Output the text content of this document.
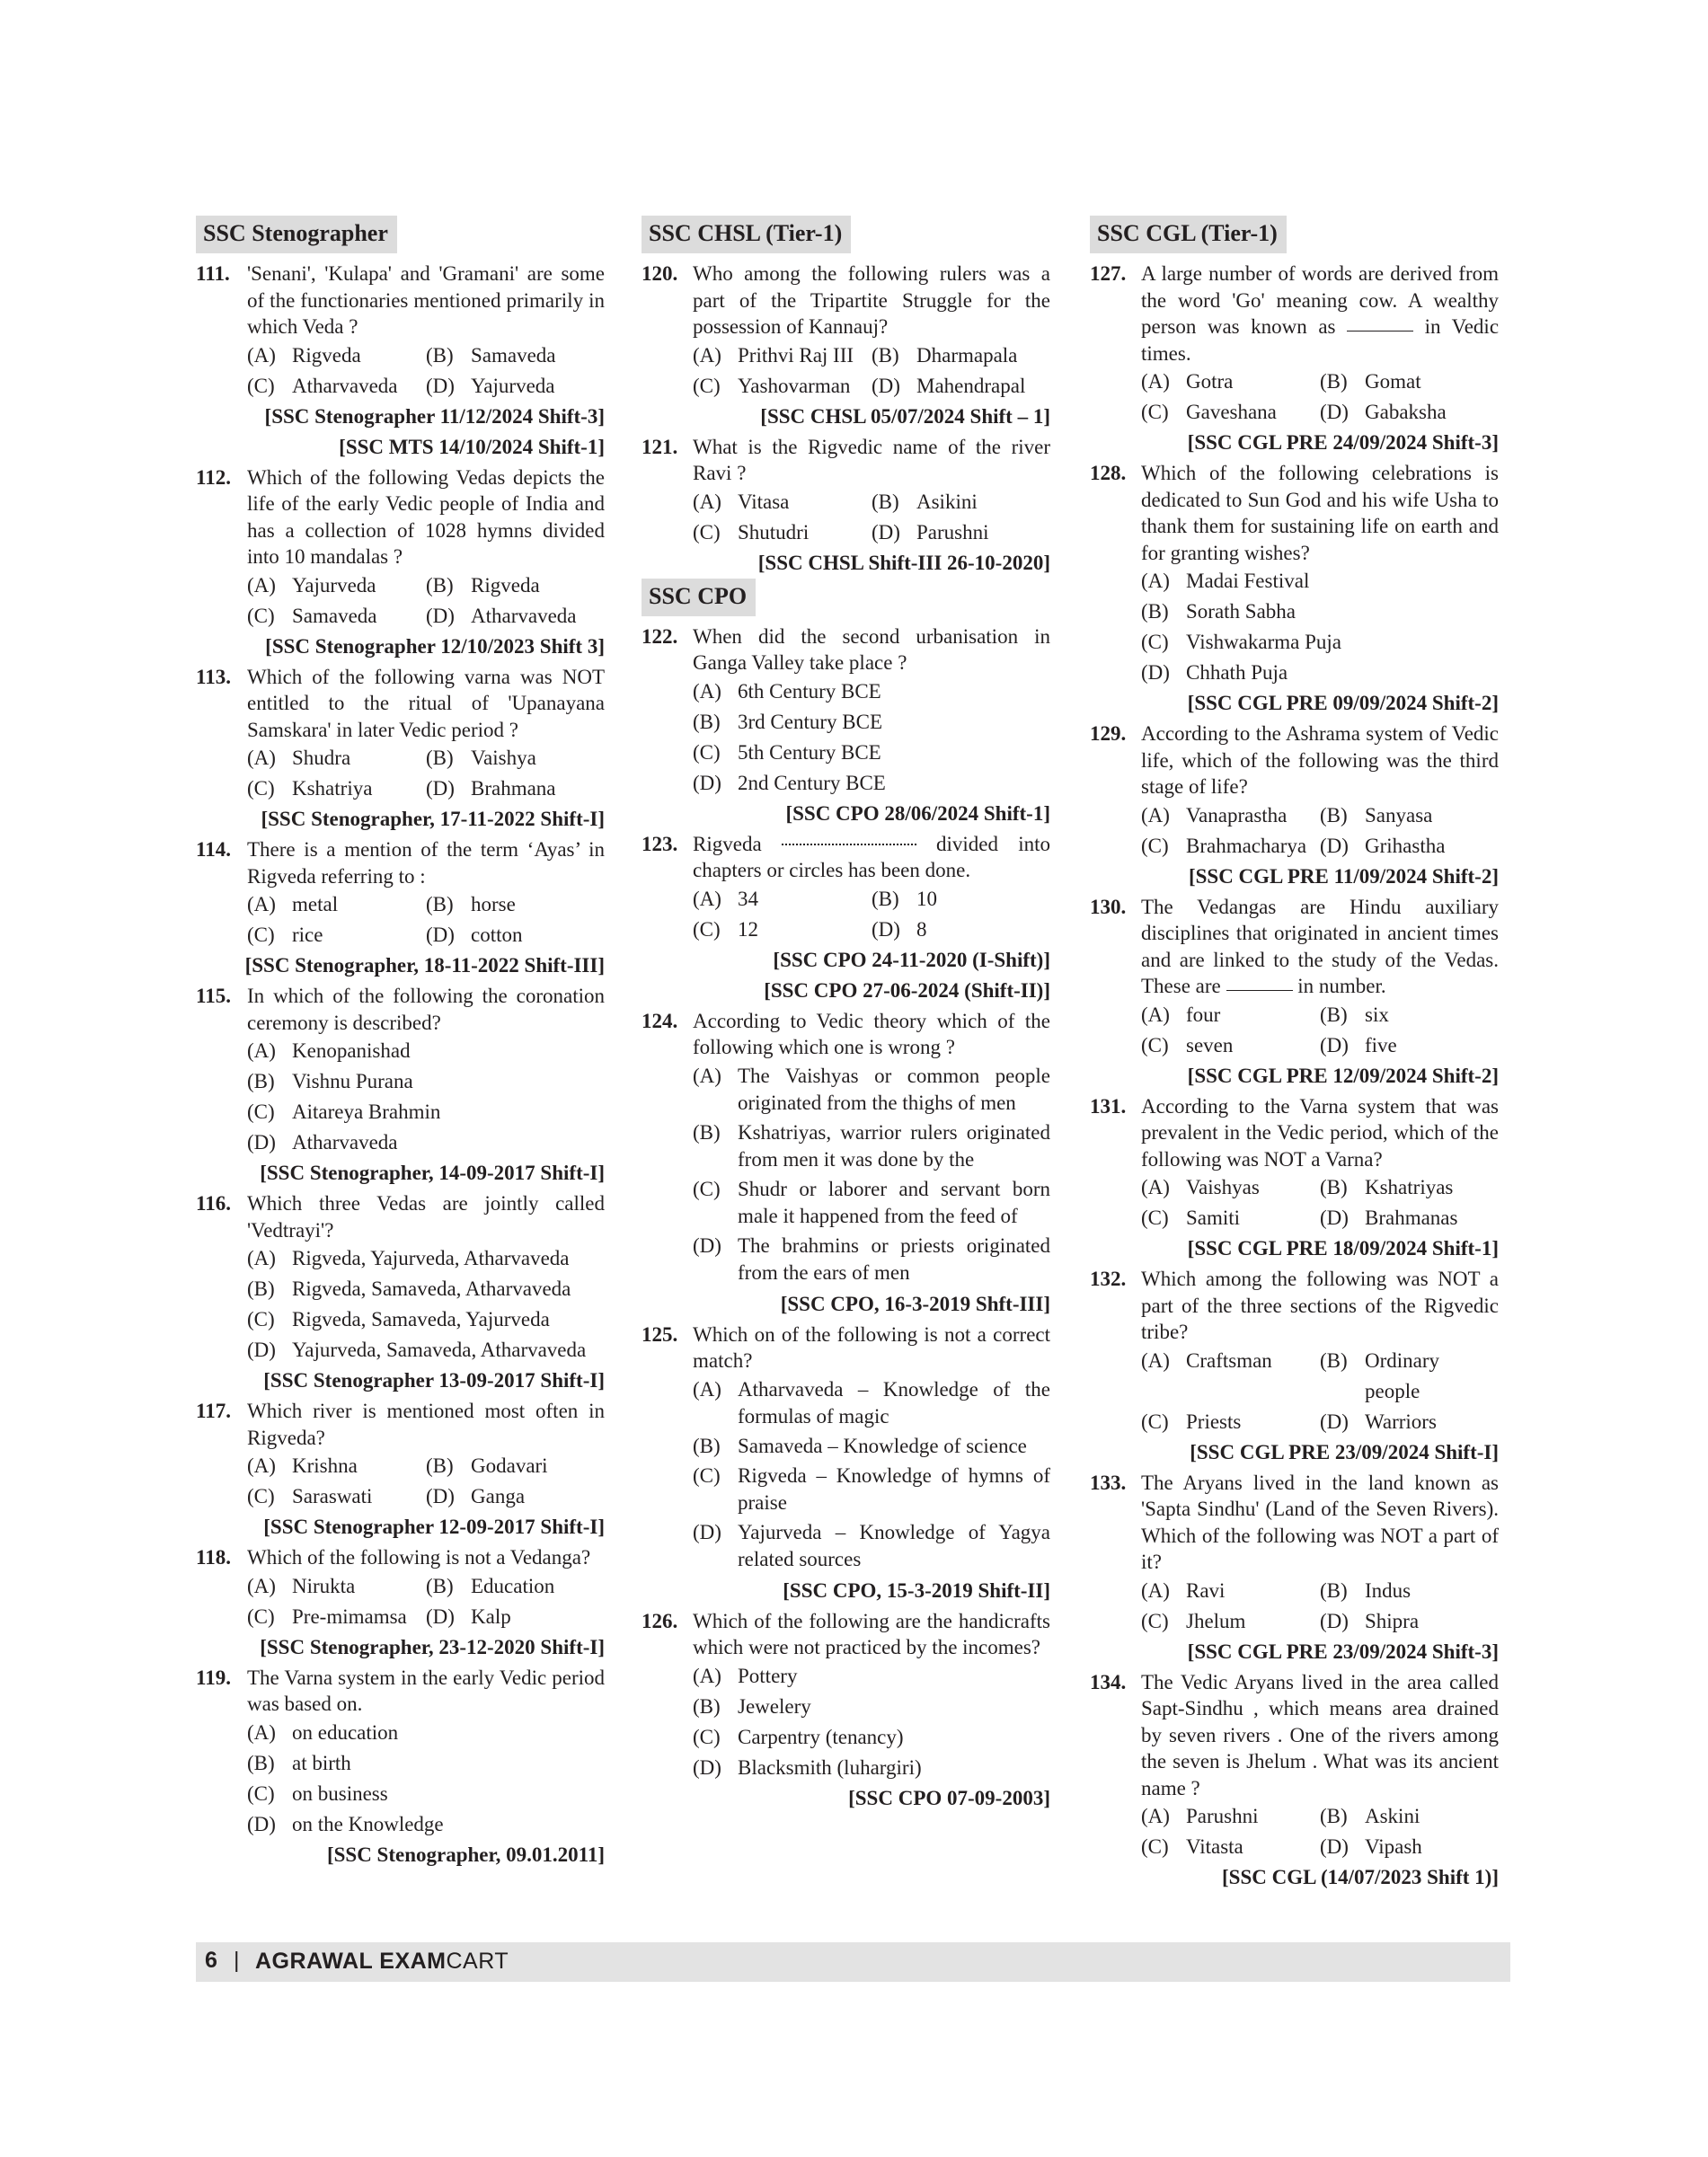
SSC Stenographer

111. 'Senani', 'Kulapa' and 'Gramani' are some of the functionaries mentioned primarily in which Veda ?
(A) Rigveda	(B) Samaveda
(C) Atharvaveda	(D) Yajurveda
[SSC Stenographer 11/12/2024 Shift-3]
[SSC MTS 14/10/2024 Shift-1]
112. Which of the following Vedas depicts the life of the early Vedic people of India and has a collection of 1028 hymns divided into 10 mandalas ?
(A) Yajurveda	(B) Rigveda
(C) Samaveda	(D) Atharvaveda
[SSC Stenographer 12/10/2023 Shift 3]
113. Which of the following varna was NOT entitled to the ritual of 'Upanayana Samskara' in later Vedic period ?
(A) Shudra	(B) Vaishya
(C) Kshatriya	(D) Brahmana
[SSC Stenographer, 17-11-2022 Shift-I]
114. There is a mention of the term ‘Ayas’ in Rigveda referring to :
(A) metal	(B) horse
(C) rice	(D) cotton
[SSC Stenographer, 18-11-2022 Shift-III]
115. In which of the following the coronation ceremony is described?
(A) Kenopanishad
(B) Vishnu Purana
(C) Aitareya Brahmin
(D) Atharvaveda
[SSC Stenographer, 14-09-2017 Shift-I]
116. Which three Vedas are jointly called 'Vedtrayi'?
(A) Rigveda, Yajurveda, Atharvaveda
(B) Rigveda, Samaveda, Atharvaveda
(C) Rigveda, Samaveda, Yajurveda
(D) Yajurveda, Samaveda, Atharvaveda
[SSC Stenographer 13-09-2017 Shift-I]
117. Which river is mentioned most often in Rigveda?
(A) Krishna	(B) Godavari
(C) Saraswati	(D) Ganga
[SSC Stenographer 12-09-2017 Shift-I]
118. Which of the following is not a Vedanga?
(A) Nirukta	(B) Education
(C) Pre-mimamsa (D) Kalp
[SSC Stenographer, 23-12-2020 Shift-I]
119. The Varna system in the early Vedic period was based on.
(A) on education
(B) at birth
(C) on business
(D) on the Knowledge
[SSC Stenographer, 09.01.2011]
SSC CHSL (Tier-1)

120. Who among the following rulers was a part of the Tripartite Struggle for the possession of Kannauj?
(A) Prithvi Raj III (B) Dharmapala
(C) Yashovarman	(D) Mahendrapal
[SSC CHSL 05/07/2024 Shift – 1]
121. What is the Rigvedic name of the river Ravi ?
(A) Vitasa	(B) Asikini
(C) Shutudri	(D) Parushni
[SSC CHSL Shift-III 26-10-2020]
SSC CPO

122. When did the second urbanisation in Ganga Valley take place ?
(A) 6th Century BCE
(B) 3rd Century BCE
(C) 5th Century BCE
(D) 2nd Century BCE
[SSC CPO 28/06/2024 Shift-1]
123. Rigveda	divided into chapters or circles has been done.
(A) 34	(B) 10
(C) 12	(D) 8
[SSC CPO 24-11-2020 (I-Shift)]
[SSC CPO 27-06-2024 (Shift-II)]
124. According to Vedic theory which of the following which one is wrong ?
(A) The Vaishyas or common people originated from the thighs of men
(B) Kshatriyas, warrior rulers originated from men it was done by the
(C) Shudr or laborer and servant born male it happened from the feed of
(D) The brahmins or priests originated from the ears of men
[SSC CPO, 16-3-2019 Shft-III]
125. Which on of the following is not a correct match?
(A) Atharvaveda – Knowledge of the formulas of magic
(B) Samaveda – Knowledge of science
(C) Rigveda – Knowledge of hymns of praise
(D) Yajurveda – Knowledge of Yagya related sources
[SSC CPO, 15-3-2019 Shift-II]
126. Which of the following are the handicrafts which were not practiced by the incomes?
(A) Pottery
(B) Jewelery
(C) Carpentry (tenancy)
(D) Blacksmith (luhargiri)
[SSC CPO 07-09-2003]
SSC CGL (Tier-1)

127. A large number of words are derived from the word 'Go' meaning cow. A wealthy person was known as	in Vedic times.
(A) Gotra	(B) Gomat
(C) Gaveshana	(D) Gabaksha
[SSC CGL PRE 24/09/2024 Shift-3]
128. Which of the following celebrations is dedicated to Sun God and his wife Usha to thank them for sustaining life on earth and for granting wishes?
(A) Madai Festival
(B) Sorath Sabha
(C) Vishwakarma Puja
(D) Chhath Puja
[SSC CGL PRE 09/09/2024 Shift-2]
129. According to the Ashrama system of Vedic life, which of the following was the third stage of life?
(A) Vanaprastha	(B) Sanyasa
(C) Brahmacharya (D) Grihastha
[SSC CGL PRE 11/09/2024 Shift-2]
130. The Vedangas are Hindu auxiliary disciplines that originated in ancient times and are linked to the study of the Vedas. These are	in number.
(A) four	(B) six
(C) seven	(D) five
[SSC CGL PRE 12/09/2024 Shift-2]
131. According to the Varna system that was prevalent in the Vedic period, which of the following was NOT a Varna?
(A) Vaishyas	(B) Kshatriyas
(C) Samiti	(D) Brahmanas
[SSC CGL PRE 18/09/2024 Shift-1]
132. Which among the following was NOT a part of the three sections of the Rigvedic tribe?
(A) Craftsman	(B) Ordinary people
(C) Priests	(D) Warriors
[SSC CGL PRE 23/09/2024 Shift-I]
133. The Aryans lived in the land known as 'Sapta Sindhu' (Land of the Seven Rivers). Which of the following was NOT a part of it?
(A) Ravi	(B) Indus
(C) Jhelum	(D) Shipra
[SSC CGL PRE 23/09/2024 Shift-3]
134. The Vedic Aryans lived in the area called Sapt-Sindhu , which means area drained by seven rivers . One of the rivers among the seven is Jhelum . What was its ancient name ?
(A) Parushni	(B) Askini
(C) Vitasta	(D) Vipash
[SSC CGL (14/07/2023 Shift 1)]
6 | AGRAWAL EXAMCART
